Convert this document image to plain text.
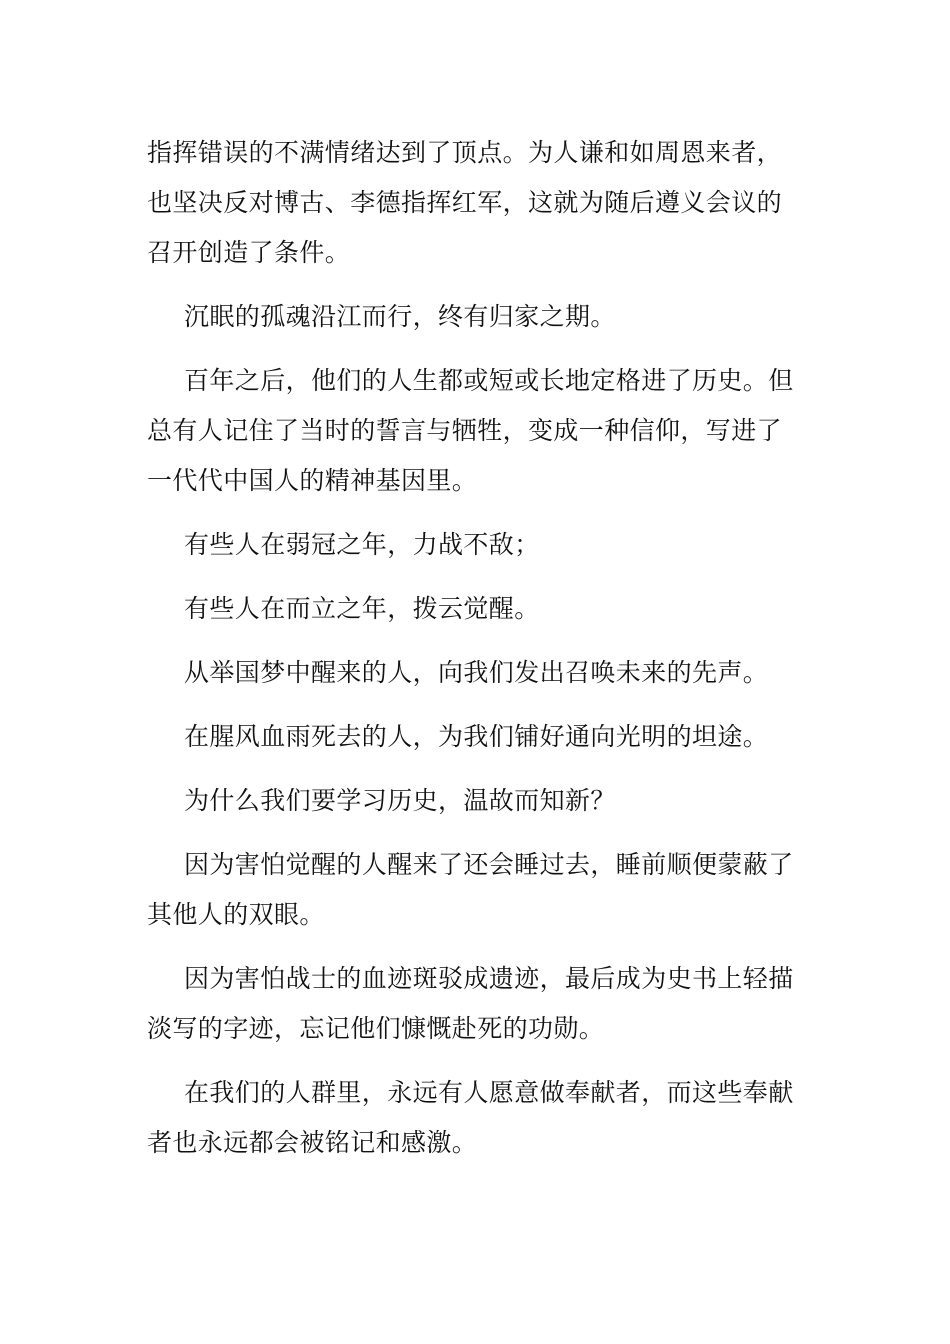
指挥错误的不满情绪达到了顶点。为人谦和如周恩来者，也坚决反对博古、李德指挥红军，这就为随后遵义会议的召开创造了条件。

沉眠的孤魂沿江而行，终有归家之期。

百年之后，他们的人生都或短或长地定格进了历史。但总有人记住了当时的誓言与牺牲，变成一种信仰，写进了一代代中国人的精神基因里。

有些人在弱冠之年，力战不敌；

有些人在而立之年，拨云觉醒。

从举国梦中醒来的人，向我们发出召唤未来的先声。

在腥风血雨死去的人，为我们铺好通向光明的坦途。

为什么我们要学习历史，温故而知新？

因为害怕觉醒的人醒来了还会睡过去，睡前顺便蒙蔽了其他人的双眼。

因为害怕战士的血迹斑驳成遗迹，最后成为史书上轻描淡写的字迹，忘记他们慷慨赴死的功勋。

在我们的人群里，永远有人愿意做奉献者，而这些奉献者也永远都会被铭记和感激。
